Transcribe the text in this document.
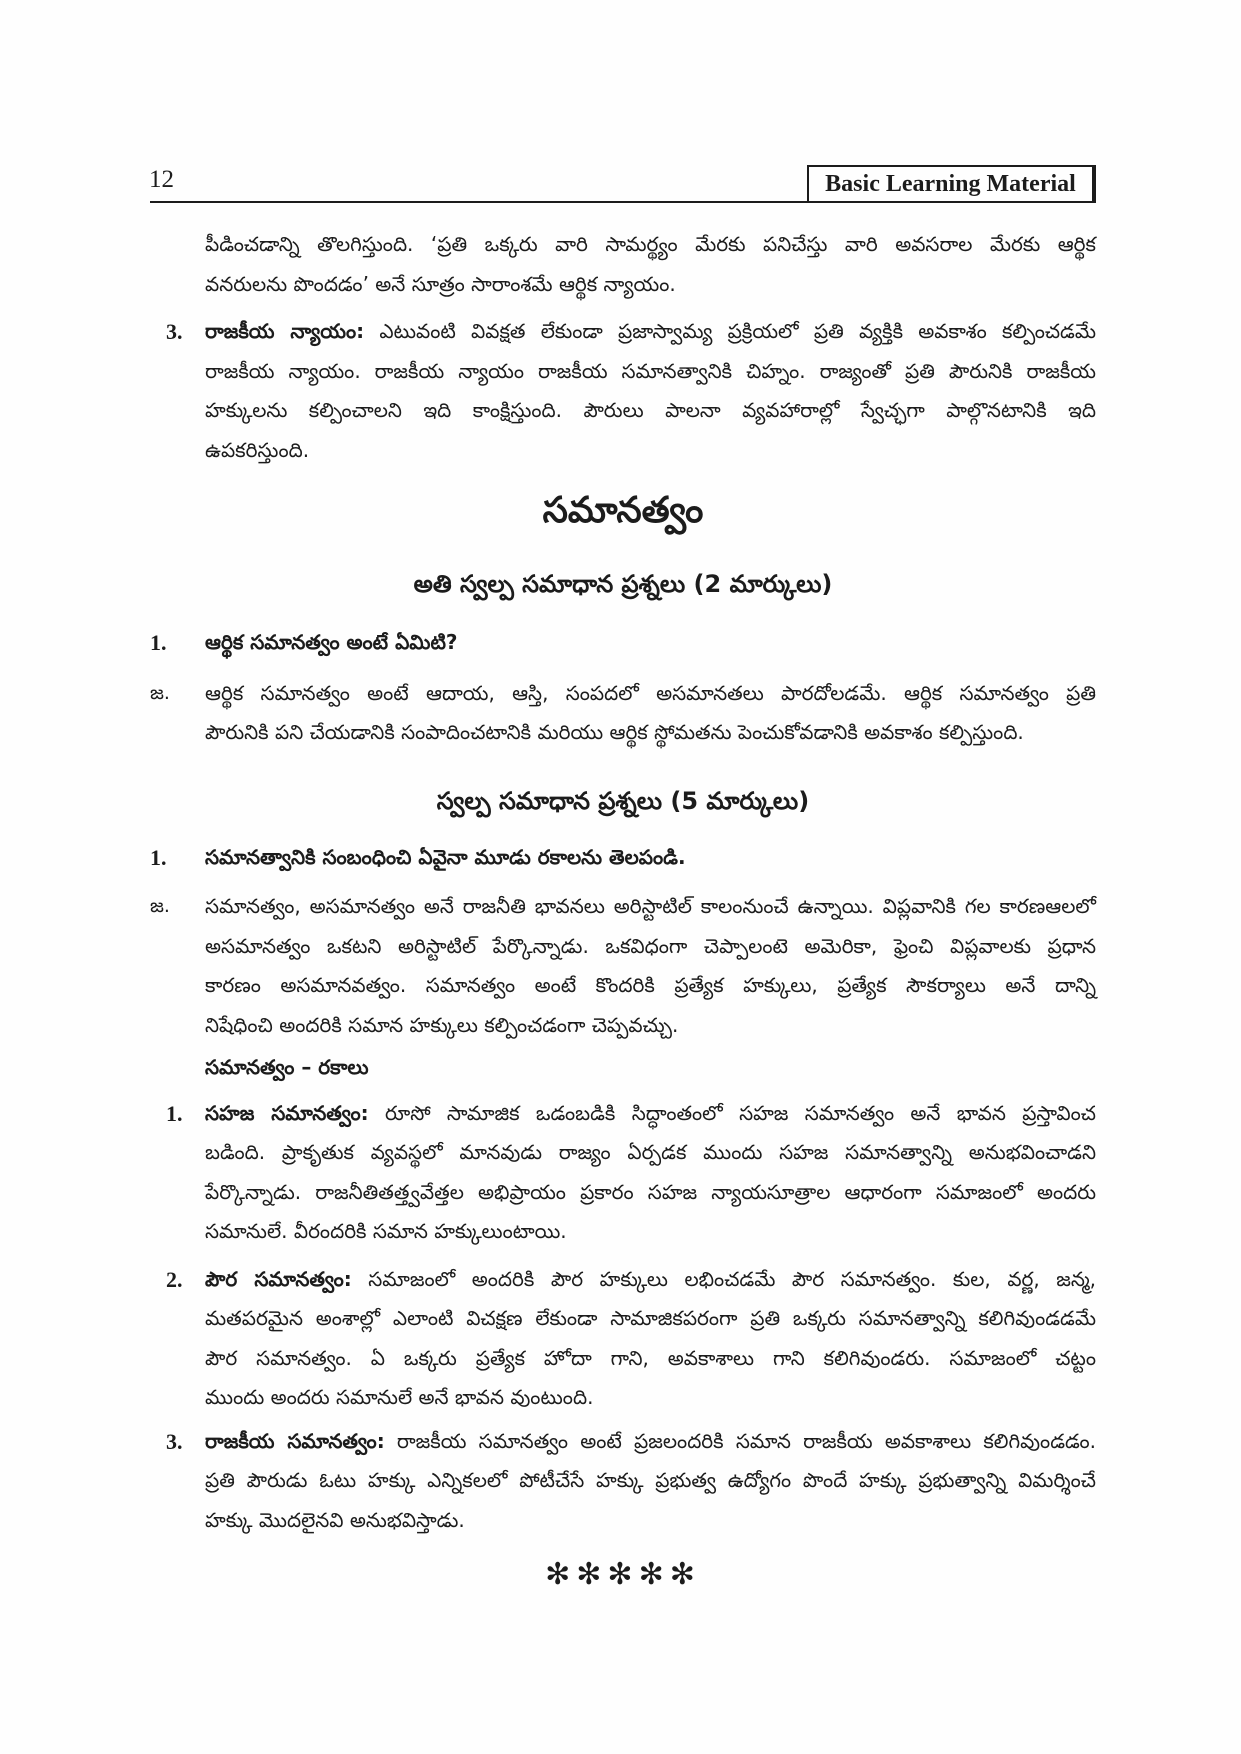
12	Basic Learning Material
పీడించడాన్ని తొలగిస్తుంది. ‘ప్రతి ఒక్కరు వారి సామర్థ్యం మేరకు పనిచేస్తు వారి అవసరాల మేరకు ఆర్థిక
వనరులను పొందడం’ అనే సూత్రం సారాంశమే ఆర్థిక న్యాయం.
3. రాజకీయ న్యాయం: ఎటువంటి వివక్షత లేకుండా ప్రజాస్వామ్య ప్రక్రియలో ప్రతి వ్యక్తికి అవకాశం కల్పించడమే
రాజకీయ న్యాయం. రాజకీయ న్యాయం రాజకీయ సమానత్వానికి చిహ్నం. రాజ్యంతో ప్రతి పౌరునికి రాజకీయ
హక్కులను కల్పించాలని ఇది కాంక్షిస్తుంది. పౌరులు పాలనా వ్యవహారాల్లో స్వేచ్ఛగా పాల్గొనటానికి ఇది
ఉపకరిస్తుంది.
సమానత్వం
అతి స్వల్ప సమాధాన ప్రశ్నలు (2 మార్కులు)
1. ఆర్థిక సమానత్వం అంటే ఏమిటి?
జ. ఆర్థిక సమానత్వం అంటే ఆదాయ, ఆస్తి, సంపదలో అసమానతలు పారదోలడమే. ఆర్థిక సమానత్వం ప్రతి
పౌరునికి పని చేయడానికి సంపాదించటానికి మరియు ఆర్థిక స్థోమతను పెంచుకోవడానికి అవకాశం కల్పిస్తుంది.
స్వల్ప సమాధాన ప్రశ్నలు (5 మార్కులు)
1. సమానత్వానికి సంబంధించి ఏవైనా మూడు రకాలను తెలపండి.
జ. సమానత్వం, అసమానత్వం అనే రాజనీతి భావనలు అరిస్టాటిల్ కాలంనుంచే ఉన్నాయి. విప్లవానికి గల కారణఆలలో
అసమానత్వం ఒకటని అరిస్టాటిల్ పేర్కొన్నాడు. ఒకవిధంగా చెప్పాలంటె అమెరికా, ఫ్రెంచి విప్లవాలకు ప్రధాన
కారణం అసమానవత్వం. సమానత్వం అంటే కొందరికి ప్రత్యేక హక్కులు, ప్రత్యేక సౌకర్యాలు అనే దాన్ని
నిషేధించి అందరికి సమాన హక్కులు కల్పించడంగా చెప్పవచ్చు.
సమానత్వం – రకాలు
1. సహజ సమానత్వం: రూసో సామాజిక ఒడంబడికి సిద్ధాంతంలో సహజ సమానత్వం అనే భావన ప్రస్తావించ
బడింది. ప్రాకృతుక వ్యవస్థలో మానవుడు రాజ్యం ఏర్పడక ముందు సహజ సమానత్వాన్ని అనుభవించాడని
పేర్కొన్నాడు. రాజనీతితత్త్వవేత్తల అభిప్రాయం ప్రకారం సహజ న్యాయసూత్రాల ఆధారంగా సమాజంలో అందరు
సమానులే. వీరందరికి సమాన హక్కులుంటాయి.
2. పౌర సమానత్వం: సమాజంలో అందరికి పౌర హక్కులు లభించడమే పౌర సమానత్వం. కుల, వర్ణ, జన్మ,
మతపరమైన అంశాల్లో ఎలాంటి విచక్షణ లేకుండా సామాజికపరంగా ప్రతి ఒక్కరు సమానత్వాన్ని కలిగివుండడమే
పౌర సమానత్వం. ఏ ఒక్కరు ప్రత్యేక హోదా గాని, అవకాశాలు గాని కలిగివుండరు. సమాజంలో చట్టం
ముందు అందరు సమానులే అనే భావన వుంటుంది.
3. రాజకీయ సమానత్వం: రాజకీయ సమానత్వం అంటే ప్రజలందరికి సమాన రాజకీయ అవకాశాలు కలిగివుండడం.
ప్రతి పౌరుడు ఓటు హక్కు ఎన్నికలలో పోటీచేసే హక్కు ప్రభుత్వ ఉద్యోగం పొందే హక్కు ప్రభుత్వాన్ని విమర్శించే
హక్కు మొదలైనవి అనుభవిస్తాడు.
✻✻✻✻✻
